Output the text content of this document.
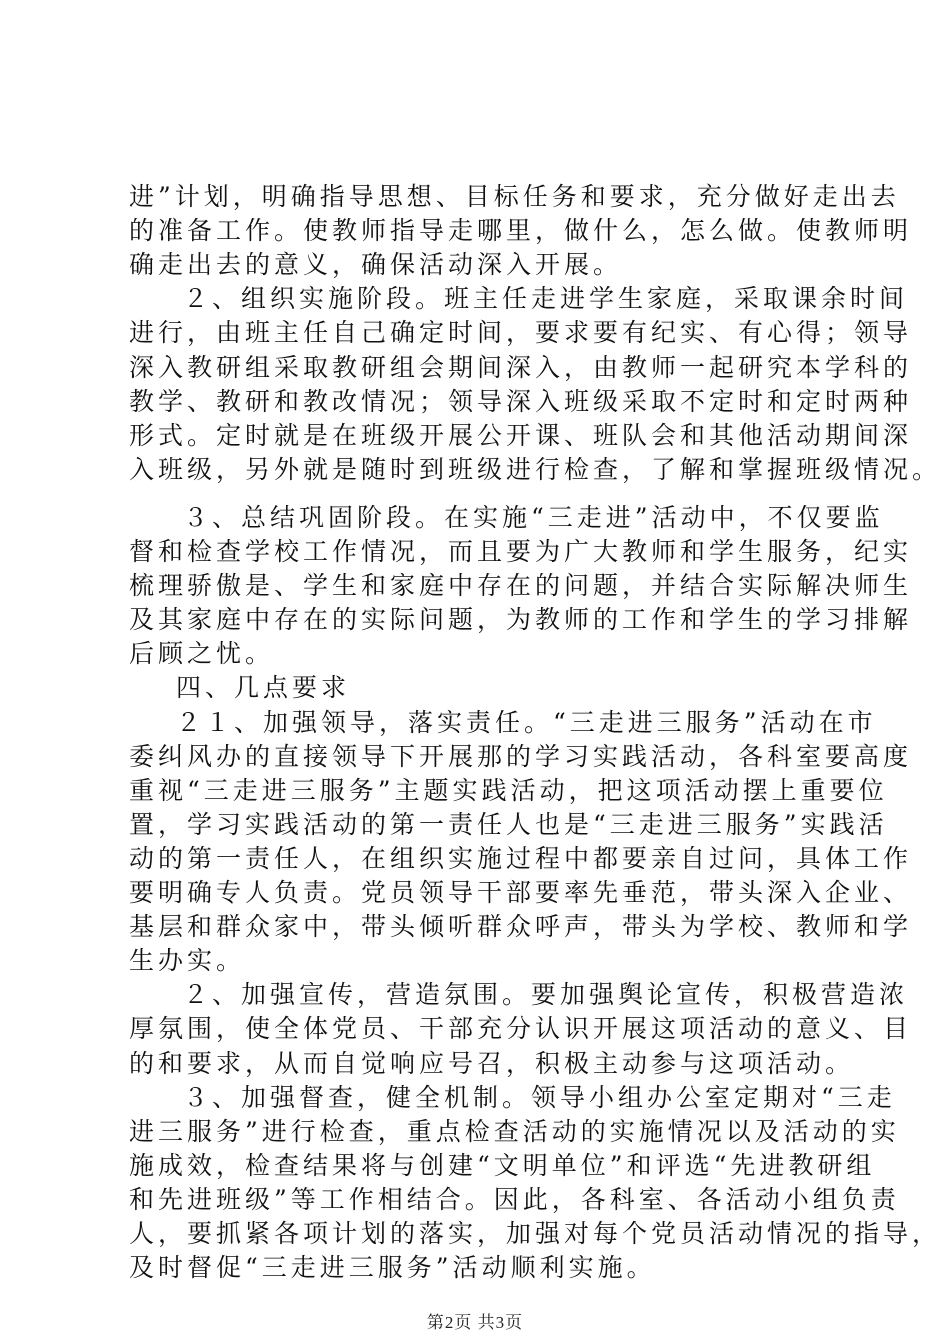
进”计划，明确指导思想、目标任务和要求，充分做好走出去
的准备工作。使教师指导走哪里，做什么，怎么做。使教师明
确走出去的意义，确保活动深入开展。
２、组织实施阶段。班主任走进学生家庭，采取课余时间
进行，由班主任自己确定时间，要求要有纪实、有心得；领导
深入教研组采取教研组会期间深入，由教师一起研究本学科的
教学、教研和教改情况；领导深入班级采取不定时和定时两种
形式。定时就是在班级开展公开课、班队会和其他活动期间深
入班级，另外就是随时到班级进行检查，了解和掌握班级情况。
３、总结巩固阶段。在实施“三走进”活动中，不仅要监
督和检查学校工作情况，而且要为广大教师和学生服务，纪实
梳理骄傲是、学生和家庭中存在的问题，并结合实际解决师生
及其家庭中存在的实际问题，为教师的工作和学生的学习排解
后顾之忧。
四、几点要求
２１、加强领导，落实责任。“三走进三服务”活动在市
委纠风办的直接领导下开展那的学习实践活动，各科室要高度
重视“三走进三服务”主题实践活动，把这项活动摆上重要位
置，学习实践活动的第一责任人也是“三走进三服务”实践活
动的第一责任人，在组织实施过程中都要亲自过问，具体工作
要明确专人负责。党员领导干部要率先垂范，带头深入企业、
基层和群众家中，带头倾听群众呼声，带头为学校、教师和学
生办实。
２、加强宣传，营造氛围。要加强舆论宣传，积极营造浓
厚氛围，使全体党员、干部充分认识开展这项活动的意义、目
的和要求，从而自觉响应号召，积极主动参与这项活动。
３、加强督查，健全机制。领导小组办公室定期对“三走
进三服务”进行检查，重点检查活动的实施情况以及活动的实
施成效，检查结果将与创建“文明单位”和评选“先进教研组
和先进班级”等工作相结合。因此，各科室、各活动小组负责
人，要抓紧各项计划的落实，加强对每个党员活动情况的指导，
及时督促“三走进三服务”活动顺利实施。
第2页 共3页
